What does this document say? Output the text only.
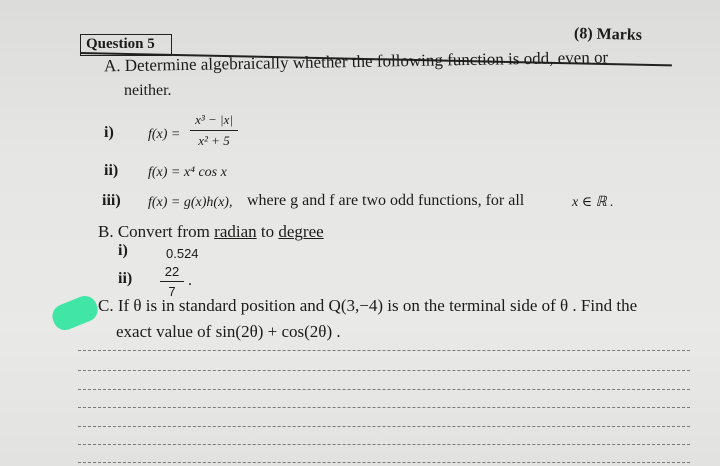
Question 5
(8) Marks
A. Determine algebraically whether the following function is odd, even or
neither.
i) f(x) =
x³ − |x|
x² + 5
ii) f(x) = x⁴ cos x
iii) f(x) = g(x)h(x), where g and f are two odd functions, for all	x ∈ ℝ .
B. Convert from radian to degree
i)	0.524
ii)	22
7
.
C. If θ is in standard position and Q(3,−4) is on the terminal side of θ . Find the
exact value of sin(2θ) + cos(2θ) .
